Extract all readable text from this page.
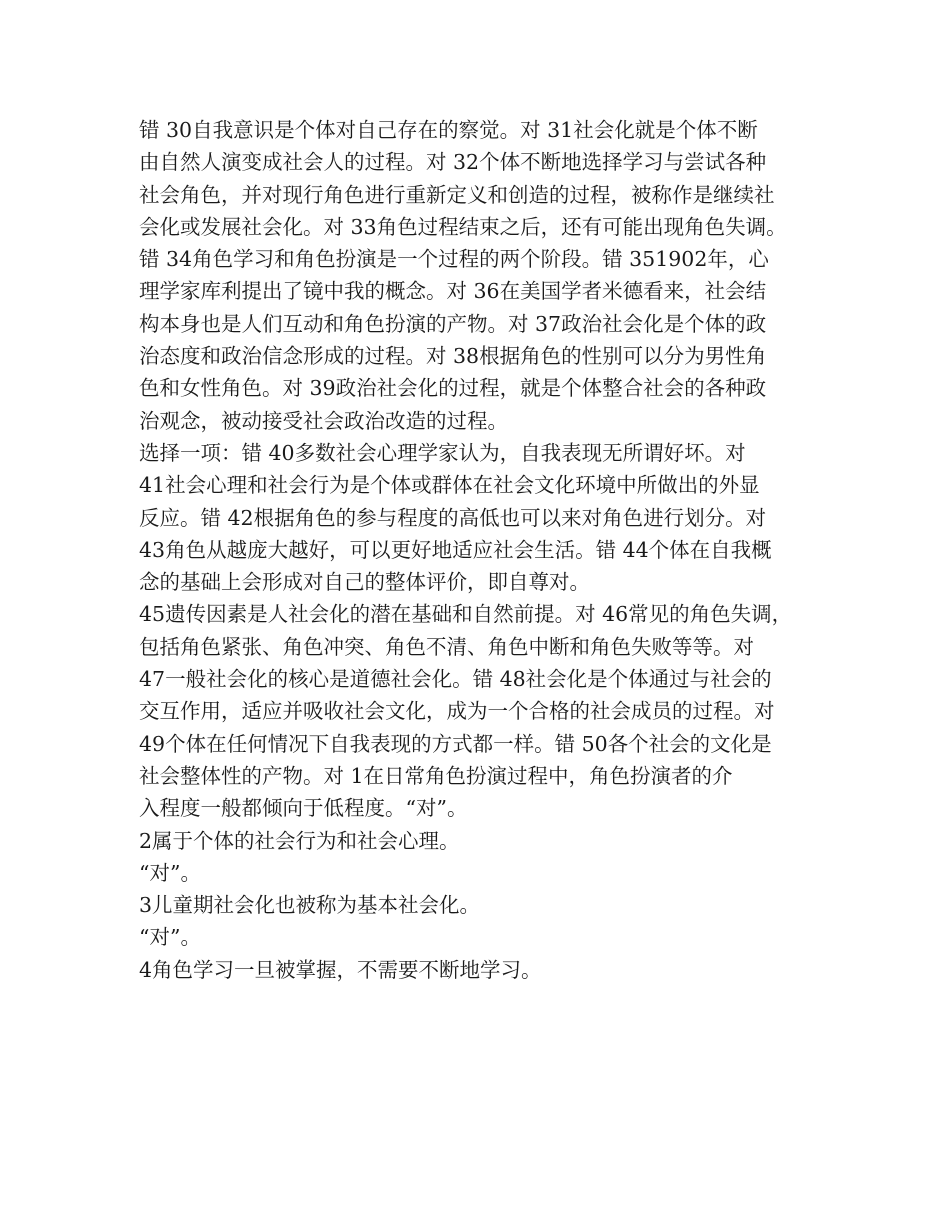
错 30自我意识是个体对自己存在的察觉。对 31社会化就是个体不断
由自然人演变成社会人的过程。对 32个体不断地选择学习与尝试各种
社会角色，并对现行角色进行重新定义和创造的过程，被称作是继续社
会化或发展社会化。对 33角色过程结束之后，还有可能出现角色失调。
错 34角色学习和角色扮演是一个过程的两个阶段。错 351902年，心
理学家库利提出了镜中我的概念。对 36在美国学者米德看来，社会结
构本身也是人们互动和角色扮演的产物。对 37政治社会化是个体的政
治态度和政治信念形成的过程。对 38根据角色的性别可以分为男性角
色和女性角色。对 39政治社会化的过程，就是个体整合社会的各种政
治观念，被动接受社会政治改造的过程。
选择一项：错 40多数社会心理学家认为，自我表现无所谓好坏。对
41社会心理和社会行为是个体或群体在社会文化环境中所做出的外显
反应。错 42根据角色的参与程度的高低也可以来对角色进行划分。对
43角色从越庞大越好，可以更好地适应社会生活。错 44个体在自我概
念的基础上会形成对自己的整体评价，即自尊对。
45遗传因素是人社会化的潜在基础和自然前提。对 46常见的角色失调，
包括角色紧张、角色冲突、角色不清、角色中断和角色失败等等。对
47一般社会化的核心是道德社会化。错 48社会化是个体通过与社会的
交互作用，适应并吸收社会文化，成为一个合格的社会成员的过程。对
49个体在任何情况下自我表现的方式都一样。错 50各个社会的文化是
社会整体性的产物。对 1在日常角色扮演过程中，角色扮演者的介
入程度一般都倾向于低程度。“对”。
2属于个体的社会行为和社会心理。
“对”。
3儿童期社会化也被称为基本社会化。
“对”。
4角色学习一旦被掌握，不需要不断地学习。
